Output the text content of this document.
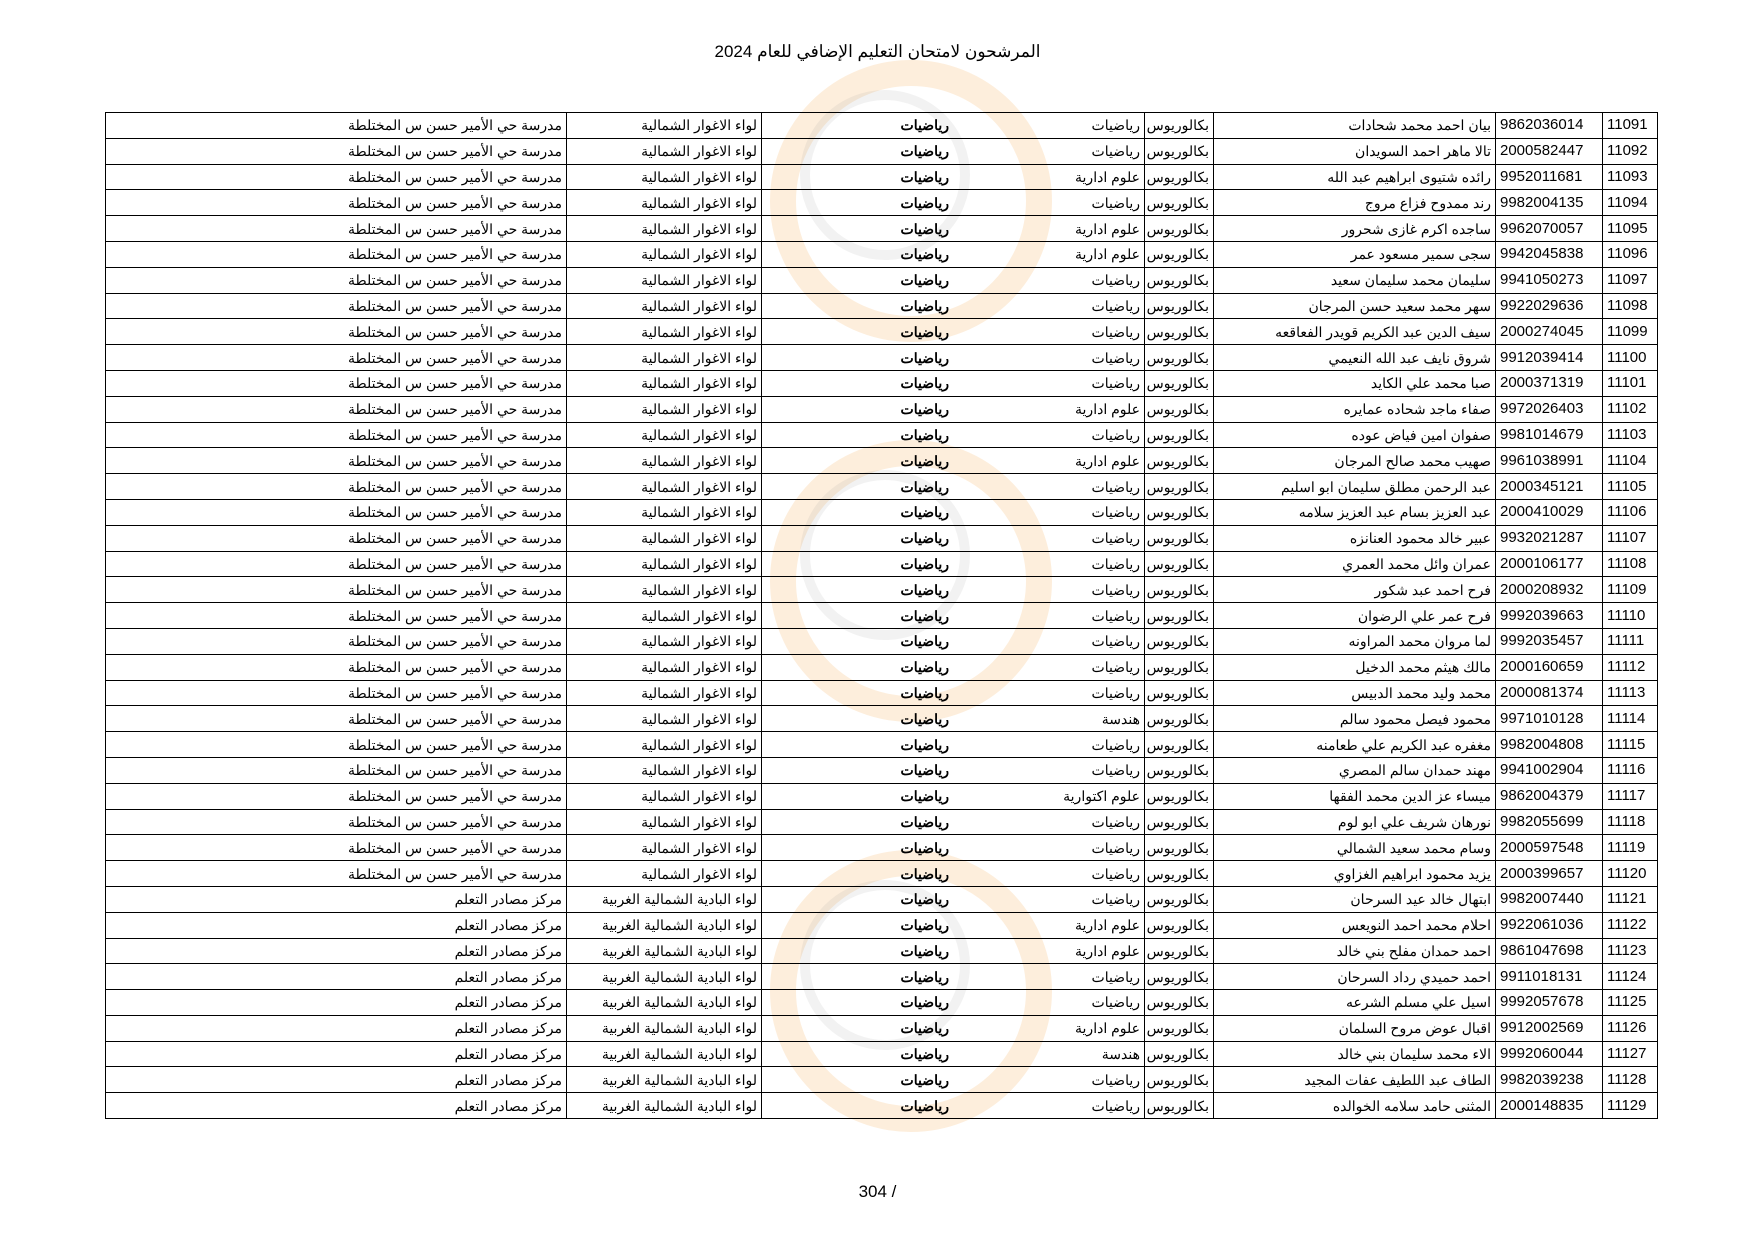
المرشحون لامتحان التعليم الإضافي للعام 2024
11091	9862036014	بيان احمد محمد شحادات	بكالوريوس	رياضيات	رياضيات	لواء الاغوار الشمالية	مدرسة حي الأمير حسن س المختلطة
11092	2000582447	تالا ماهر احمد السويدان	بكالوريوس	رياضيات	رياضيات	لواء الاغوار الشمالية	مدرسة حي الأمير حسن س المختلطة
11093	9952011681	رائده شتيوى ابراهيم عبد الله	بكالوريوس	علوم ادارية	رياضيات	لواء الاغوار الشمالية	مدرسة حي الأمير حسن س المختلطة
11094	9982004135	رند ممدوح فزاع مروج	بكالوريوس	رياضيات	رياضيات	لواء الاغوار الشمالية	مدرسة حي الأمير حسن س المختلطة
11095	9962070057	ساجده اكرم غازى شحرور	بكالوريوس	علوم ادارية	رياضيات	لواء الاغوار الشمالية	مدرسة حي الأمير حسن س المختلطة
11096	9942045838	سجى سمير مسعود عمر	بكالوريوس	علوم ادارية	رياضيات	لواء الاغوار الشمالية	مدرسة حي الأمير حسن س المختلطة
11097	9941050273	سليمان محمد سليمان سعيد	بكالوريوس	رياضيات	رياضيات	لواء الاغوار الشمالية	مدرسة حي الأمير حسن س المختلطة
11098	9922029636	سهر محمد سعيد حسن المرجان	بكالوريوس	رياضيات	رياضيات	لواء الاغوار الشمالية	مدرسة حي الأمير حسن س المختلطة
11099	2000274045	سيف الدين عبد الكريم قويدر الفعاقعه	بكالوريوس	رياضيات	رياضيات	لواء الاغوار الشمالية	مدرسة حي الأمير حسن س المختلطة
11100	9912039414	شروق نايف عبد الله النعيمي	بكالوريوس	رياضيات	رياضيات	لواء الاغوار الشمالية	مدرسة حي الأمير حسن س المختلطة
11101	2000371319	صبا محمد علي الكايد	بكالوريوس	رياضيات	رياضيات	لواء الاغوار الشمالية	مدرسة حي الأمير حسن س المختلطة
11102	9972026403	صفاء ماجد شحاده عمايره	بكالوريوس	علوم ادارية	رياضيات	لواء الاغوار الشمالية	مدرسة حي الأمير حسن س المختلطة
11103	9981014679	صفوان امين فياض عوده	بكالوريوس	رياضيات	رياضيات	لواء الاغوار الشمالية	مدرسة حي الأمير حسن س المختلطة
11104	9961038991	صهيب محمد صالح المرجان	بكالوريوس	علوم ادارية	رياضيات	لواء الاغوار الشمالية	مدرسة حي الأمير حسن س المختلطة
11105	2000345121	عبد الرحمن مطلق سليمان ابو اسليم	بكالوريوس	رياضيات	رياضيات	لواء الاغوار الشمالية	مدرسة حي الأمير حسن س المختلطة
11106	2000410029	عبد العزيز بسام عبد العزيز سلامه	بكالوريوس	رياضيات	رياضيات	لواء الاغوار الشمالية	مدرسة حي الأمير حسن س المختلطة
11107	9932021287	عبير خالد محمود العنانزه	بكالوريوس	رياضيات	رياضيات	لواء الاغوار الشمالية	مدرسة حي الأمير حسن س المختلطة
11108	2000106177	عمران وائل محمد العمري	بكالوريوس	رياضيات	رياضيات	لواء الاغوار الشمالية	مدرسة حي الأمير حسن س المختلطة
11109	2000208932	فرح احمد عبد شكور	بكالوريوس	رياضيات	رياضيات	لواء الاغوار الشمالية	مدرسة حي الأمير حسن س المختلطة
11110	9992039663	فرح عمر علي الرضوان	بكالوريوس	رياضيات	رياضيات	لواء الاغوار الشمالية	مدرسة حي الأمير حسن س المختلطة
11111	9992035457	لما مروان محمد المراونه	بكالوريوس	رياضيات	رياضيات	لواء الاغوار الشمالية	مدرسة حي الأمير حسن س المختلطة
11112	2000160659	مالك هيثم محمد الدخيل	بكالوريوس	رياضيات	رياضيات	لواء الاغوار الشمالية	مدرسة حي الأمير حسن س المختلطة
11113	2000081374	محمد وليد محمد الدبيس	بكالوريوس	رياضيات	رياضيات	لواء الاغوار الشمالية	مدرسة حي الأمير حسن س المختلطة
11114	9971010128	محمود فيصل محمود سالم	بكالوريوس	هندسة	رياضيات	لواء الاغوار الشمالية	مدرسة حي الأمير حسن س المختلطة
11115	9982004808	مغفره عبد الكريم علي طعامنه	بكالوريوس	رياضيات	رياضيات	لواء الاغوار الشمالية	مدرسة حي الأمير حسن س المختلطة
11116	9941002904	مهند حمدان سالم المصري	بكالوريوس	رياضيات	رياضيات	لواء الاغوار الشمالية	مدرسة حي الأمير حسن س المختلطة
11117	9862004379	ميساء عز الدين محمد الفقها	بكالوريوس	علوم اكتوارية	رياضيات	لواء الاغوار الشمالية	مدرسة حي الأمير حسن س المختلطة
11118	9982055699	نورهان شريف علي ابو لوم	بكالوريوس	رياضيات	رياضيات	لواء الاغوار الشمالية	مدرسة حي الأمير حسن س المختلطة
11119	2000597548	وسام محمد سعيد الشمالي	بكالوريوس	رياضيات	رياضيات	لواء الاغوار الشمالية	مدرسة حي الأمير حسن س المختلطة
11120	2000399657	يزيد محمود ابراهيم الغزاوي	بكالوريوس	رياضيات	رياضيات	لواء الاغوار الشمالية	مدرسة حي الأمير حسن س المختلطة
11121	9982007440	ابتهال خالد عيد السرحان	بكالوريوس	رياضيات	رياضيات	لواء البادية الشمالية الغربية	مركز مصادر التعلم
11122	9922061036	احلام محمد احمد النويعس	بكالوريوس	علوم ادارية	رياضيات	لواء البادية الشمالية الغربية	مركز مصادر التعلم
11123	9861047698	احمد حمدان مفلح بني خالد	بكالوريوس	علوم ادارية	رياضيات	لواء البادية الشمالية الغربية	مركز مصادر التعلم
11124	9911018131	احمد حميدي رداد السرحان	بكالوريوس	رياضيات	رياضيات	لواء البادية الشمالية الغربية	مركز مصادر التعلم
11125	9992057678	اسيل علي مسلم الشرعه	بكالوريوس	رياضيات	رياضيات	لواء البادية الشمالية الغربية	مركز مصادر التعلم
11126	9912002569	اقبال عوض مروح السلمان	بكالوريوس	علوم ادارية	رياضيات	لواء البادية الشمالية الغربية	مركز مصادر التعلم
11127	9992060044	الاء محمد سليمان بني خالد	بكالوريوس	هندسة	رياضيات	لواء البادية الشمالية الغربية	مركز مصادر التعلم
11128	9982039238	الطاف عبد اللطيف عفات المجيد	بكالوريوس	رياضيات	رياضيات	لواء البادية الشمالية الغربية	مركز مصادر التعلم
11129	2000148835	المثنى حامد سلامه الخوالده	بكالوريوس	رياضيات	رياضيات	لواء البادية الشمالية الغربية	مركز مصادر التعلم
304 /
